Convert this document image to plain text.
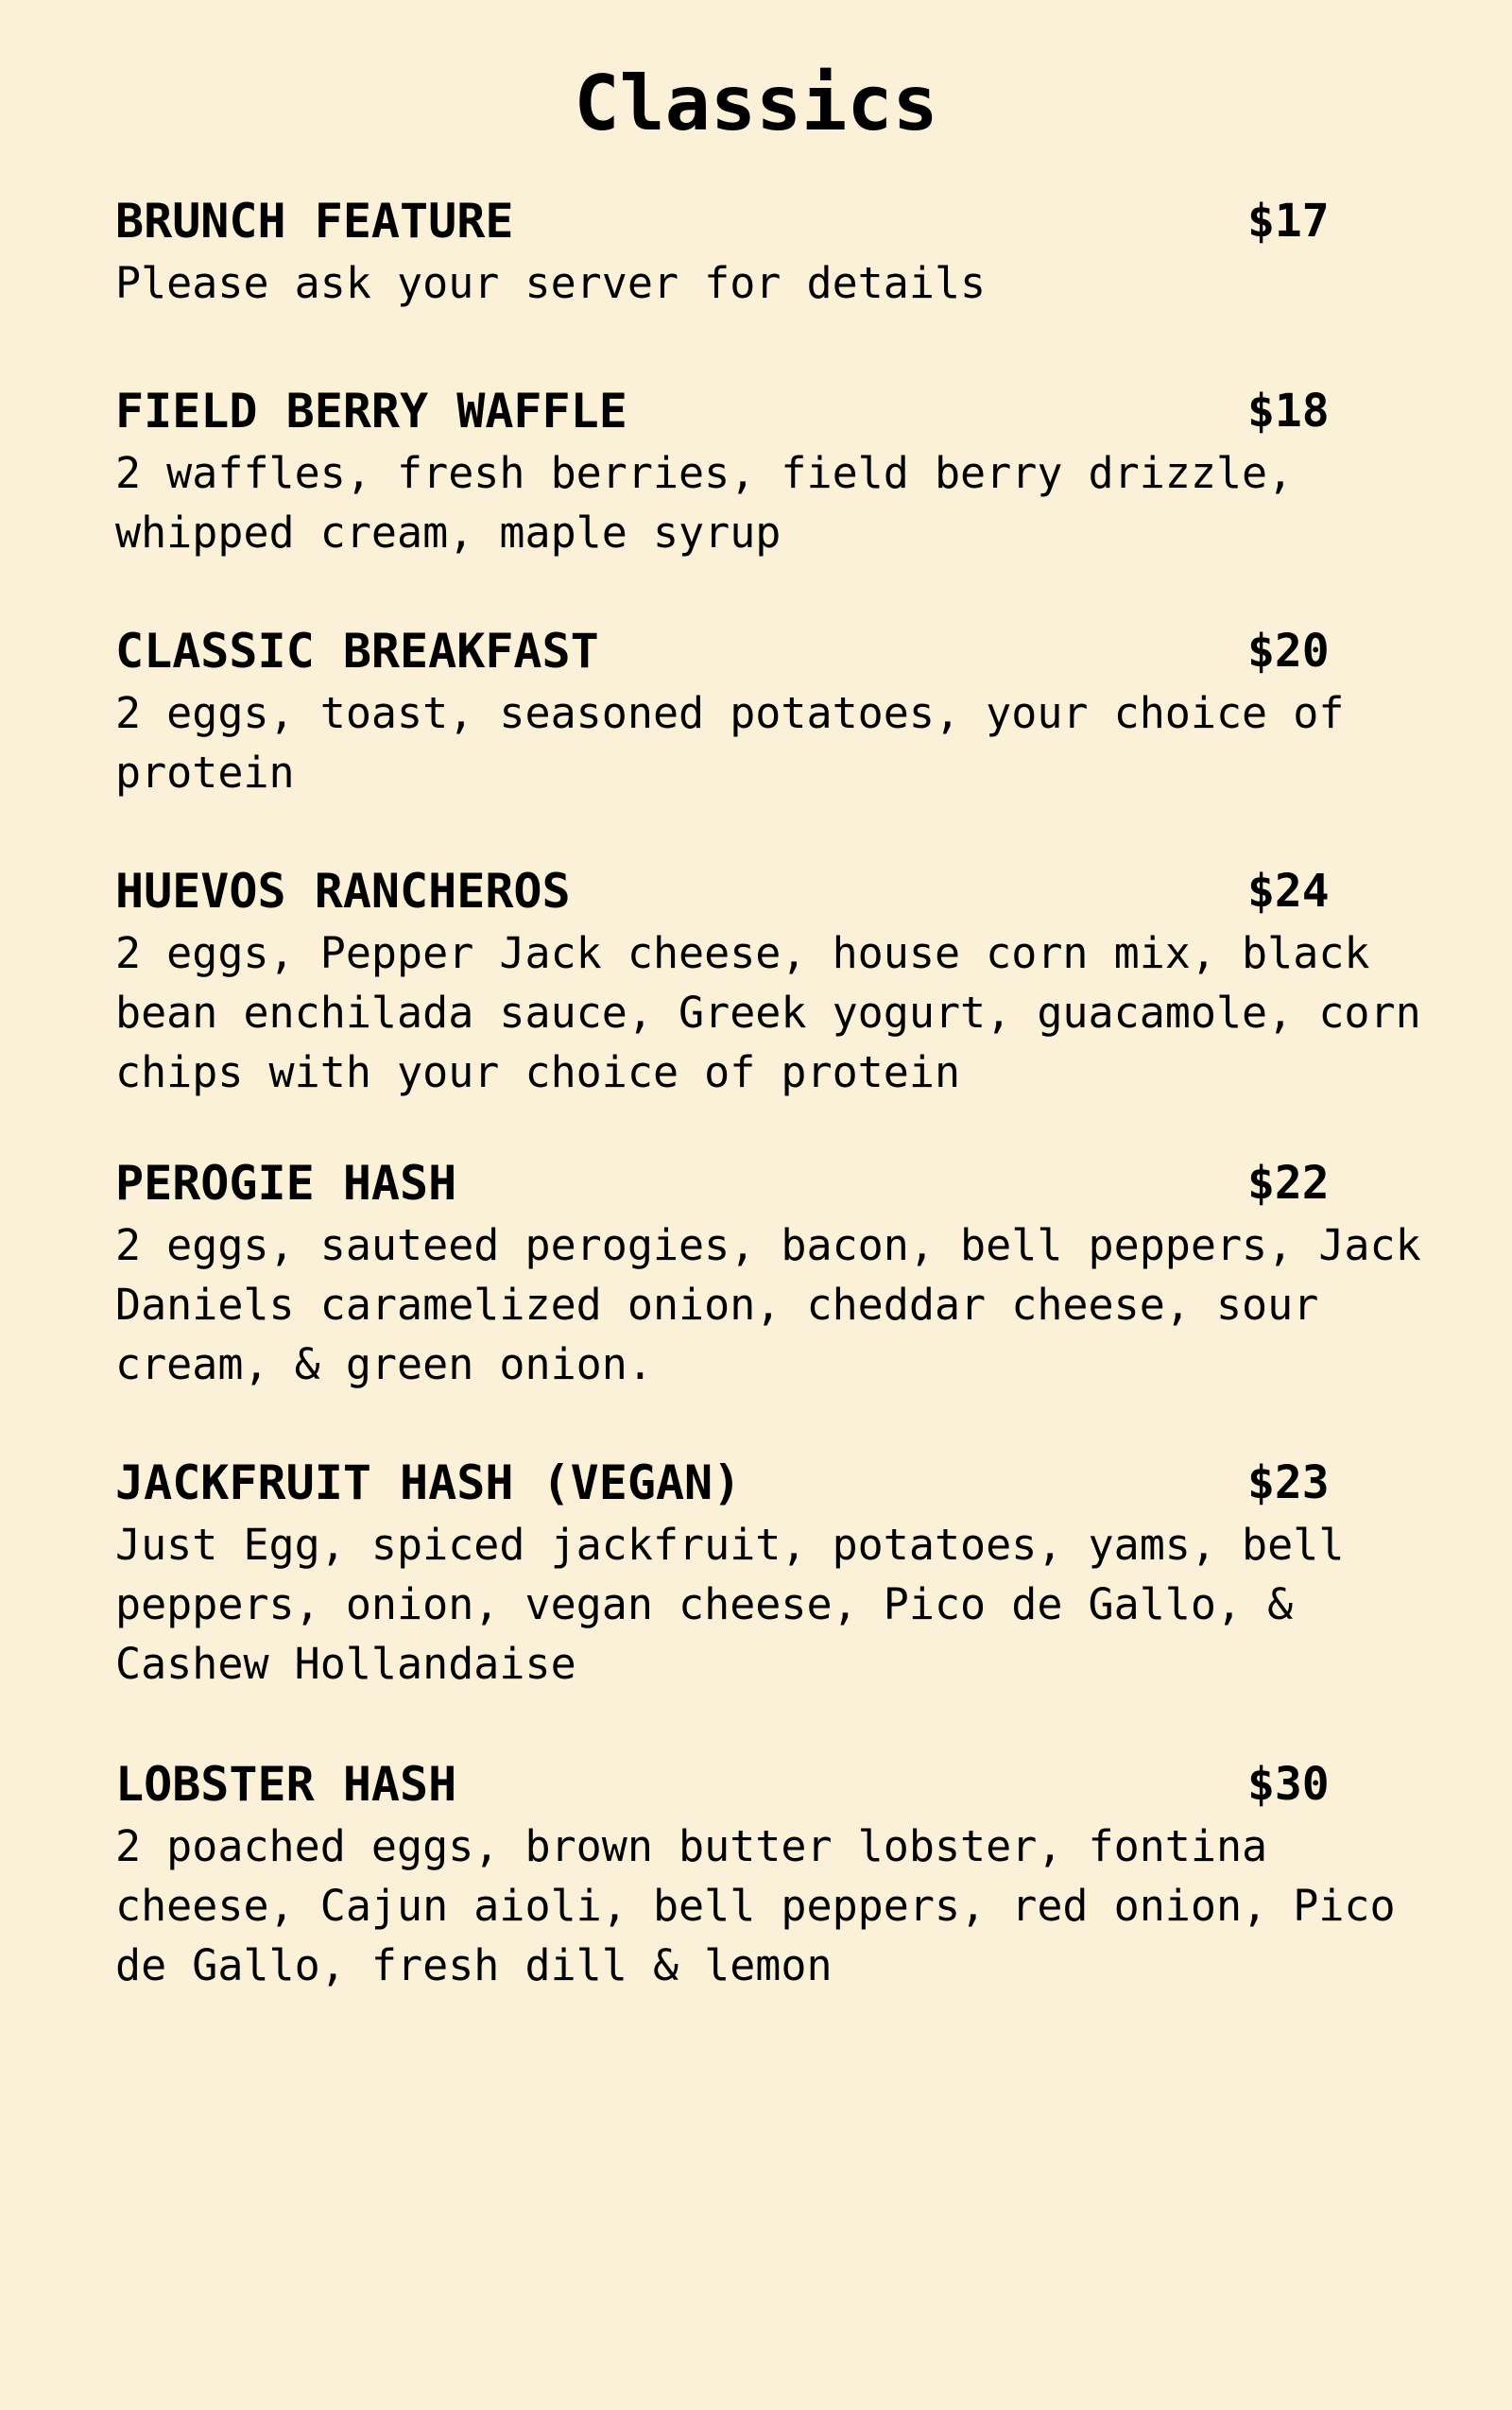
Classics
BRUNCH FEATURE	$17
Please ask your server for details
FIELD BERRY WAFFLE	$18
2 waffles, fresh berries, field berry drizzle,
whipped cream, maple syrup
CLASSIC BREAKFAST	$20
2 eggs, toast, seasoned potatoes, your choice of
protein
HUEVOS RANCHEROS	$24
2 eggs, Pepper Jack cheese, house corn mix, black
bean enchilada sauce, Greek yogurt, guacamole, corn
chips with your choice of protein
PEROGIE HASH	$22
2 eggs, sauteed perogies, bacon, bell peppers, Jack
Daniels caramelized onion, cheddar cheese, sour
cream, & green onion.
JACKFRUIT HASH (VEGAN)	$23
Just Egg, spiced jackfruit, potatoes, yams, bell
peppers, onion, vegan cheese, Pico de Gallo, &
Cashew Hollandaise
LOBSTER HASH	$30
2 poached eggs, brown butter lobster, fontina
cheese, Cajun aioli, bell peppers, red onion, Pico
de Gallo, fresh dill & lemon
